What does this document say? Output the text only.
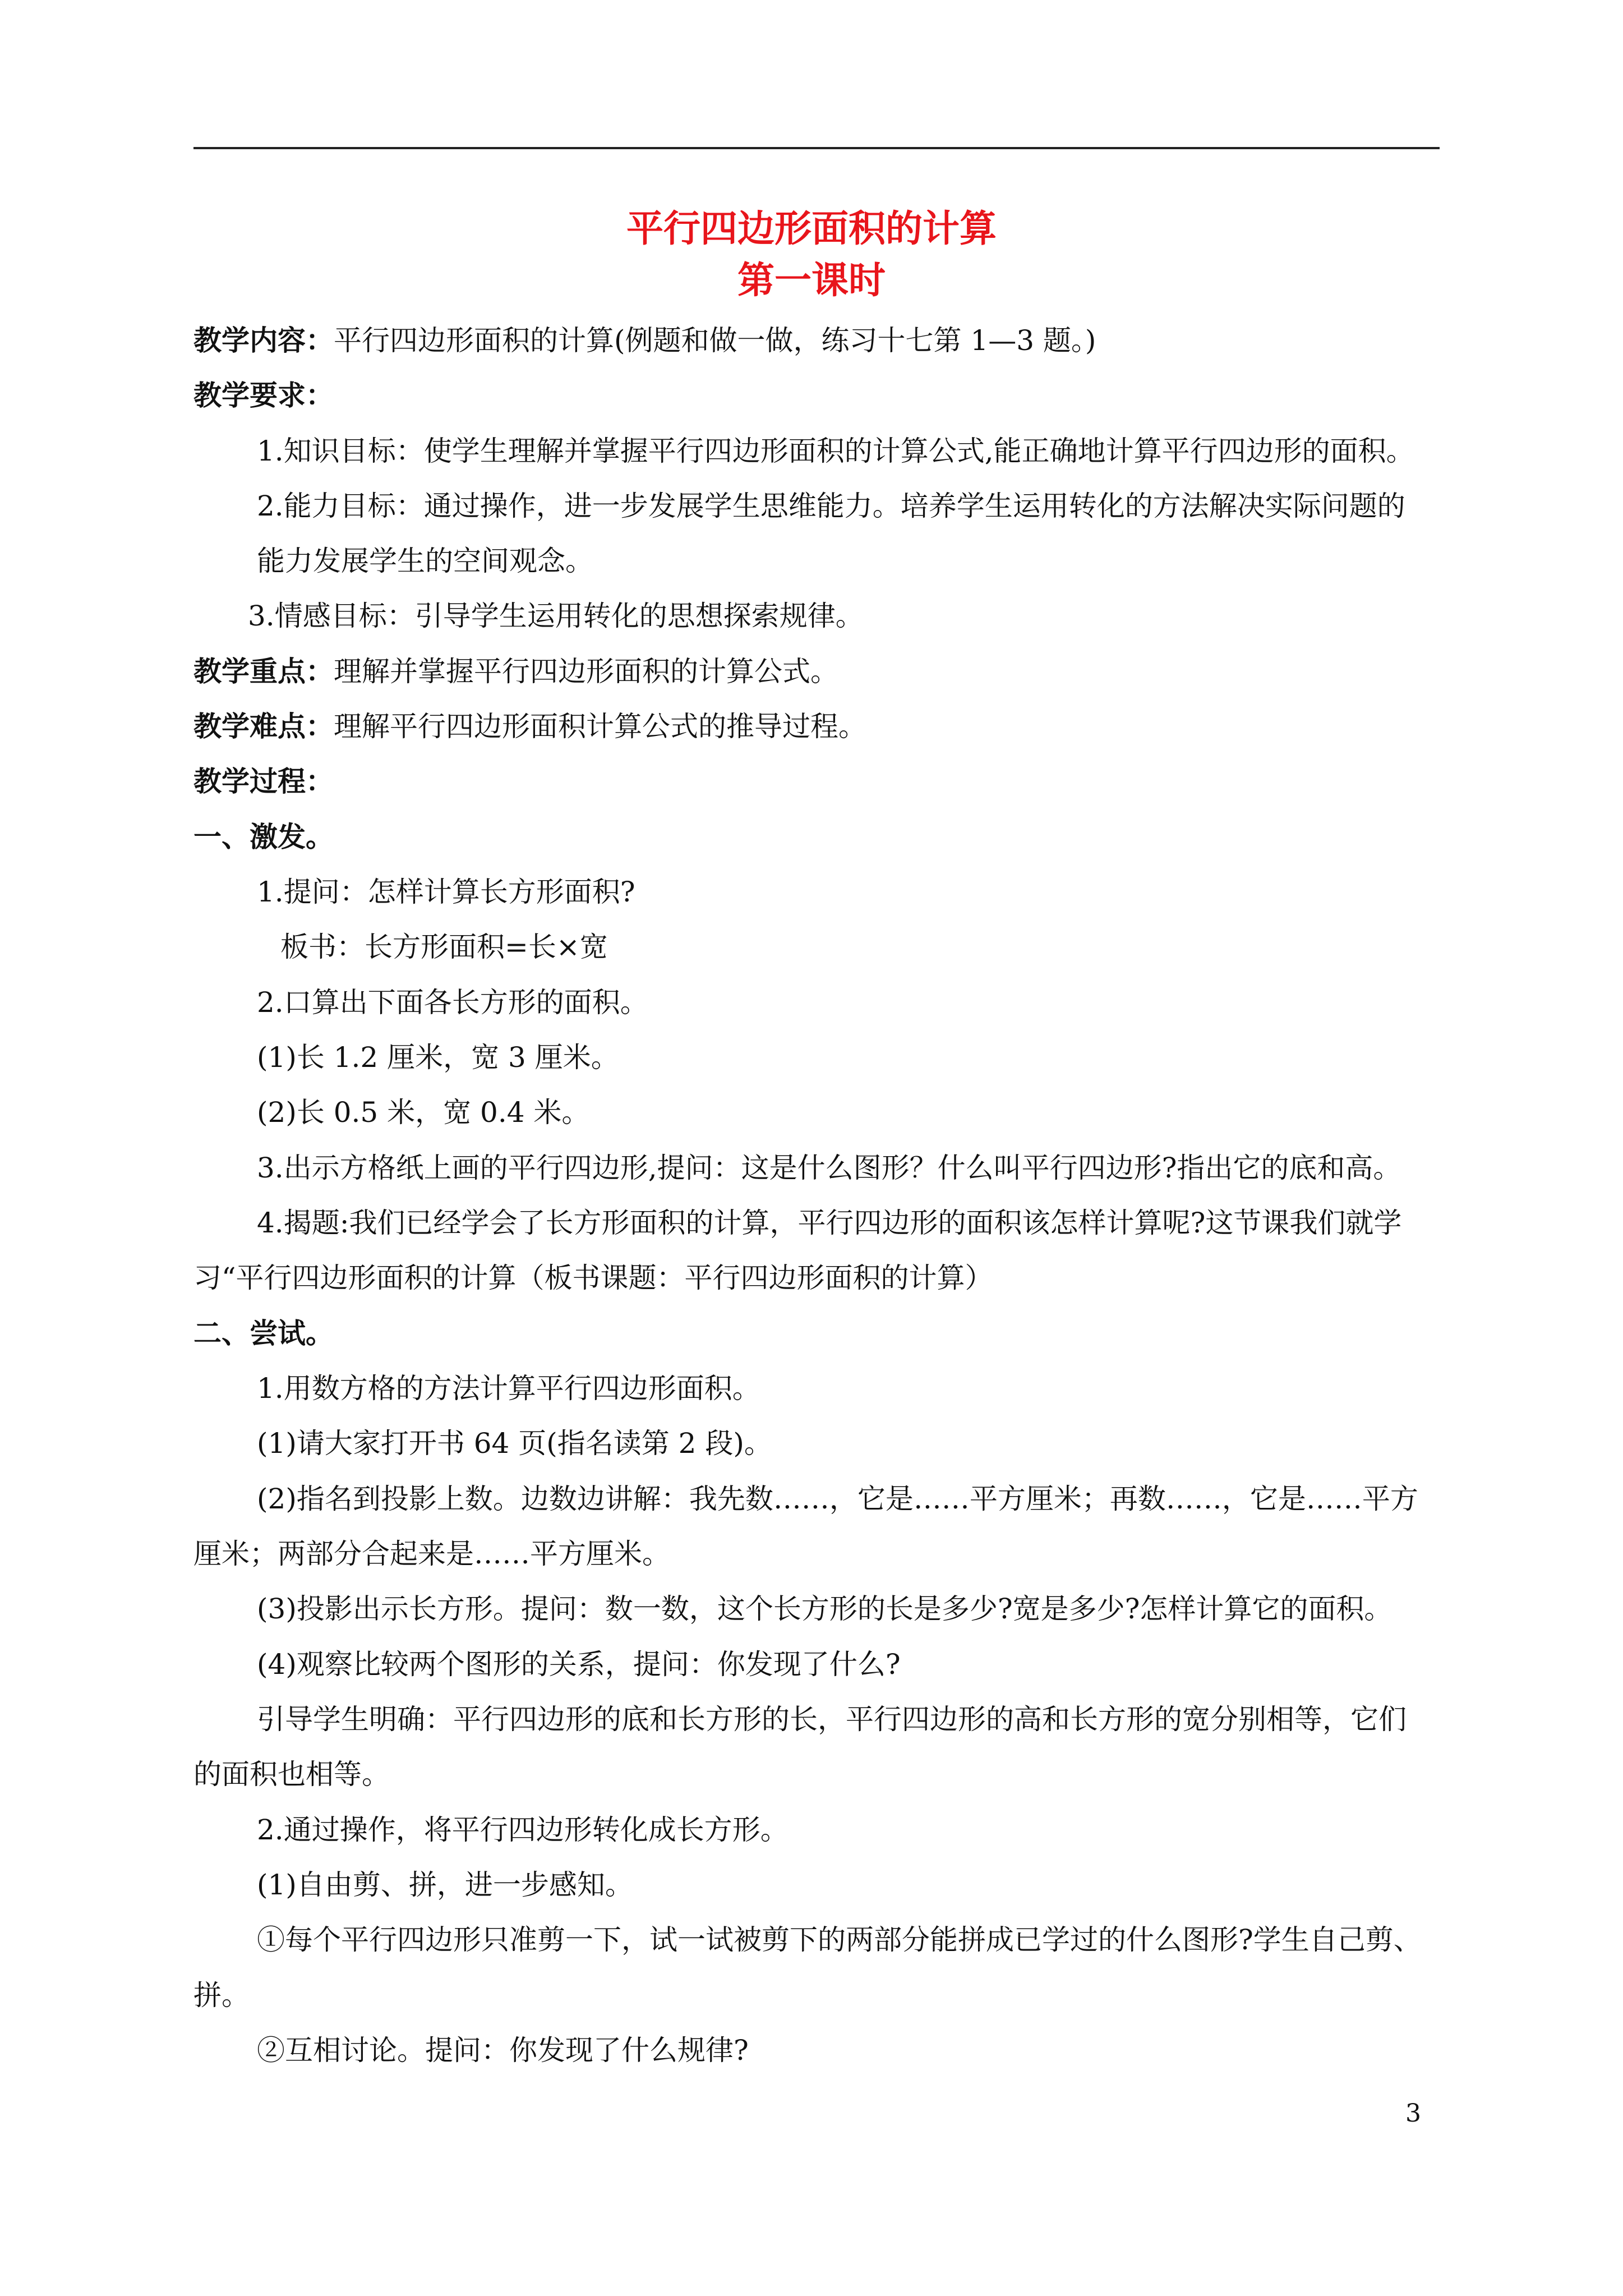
平行四边形面积的计算
第一课时
教学内容：平行四边形面积的计算(例题和做一做，练习十七第 1—3 题。)
教学要求：
1.知识目标：使学生理解并掌握平行四边形面积的计算公式,能正确地计算平行四边形的面积。
2.能力目标：通过操作，进一步发展学生思维能力。培养学生运用转化的方法解决实际问题的
能力发展学生的空间观念。
3.情感目标：引导学生运用转化的思想探索规律。
教学重点：理解并掌握平行四边形面积的计算公式。
教学难点：理解平行四边形面积计算公式的推导过程。
教学过程：
一、激发。
1.提问：怎样计算长方形面积?
板书：长方形面积=长×宽
2.口算出下面各长方形的面积。
(1)长 1.2 厘米，宽 3 厘米。
(2)长 0.5 米，宽 0.4 米。
3.出示方格纸上画的平行四边形,提问：这是什么图形？什么叫平行四边形?指出它的底和高。
4.揭题:我们已经学会了长方形面积的计算，平行四边形的面积该怎样计算呢?这节课我们就学
习“平行四边形面积的计算（板书课题：平行四边形面积的计算）
二、尝试。
1.用数方格的方法计算平行四边形面积。
(1)请大家打开书 64 页(指名读第 2 段)。
(2)指名到投影上数。边数边讲解：我先数……，它是……平方厘米；再数……，它是……平方
厘米；两部分合起来是……平方厘米。
(3)投影出示长方形。提问：数一数，这个长方形的长是多少?宽是多少?怎样计算它的面积。
(4)观察比较两个图形的关系，提问：你发现了什么?
引导学生明确：平行四边形的底和长方形的长，平行四边形的高和长方形的宽分别相等，它们
的面积也相等。
2.通过操作，将平行四边形转化成长方形。
(1)自由剪、拼，进一步感知。
①每个平行四边形只准剪一下，试一试被剪下的两部分能拼成已学过的什么图形?学生自己剪、
拼。
②互相讨论。提问：你发现了什么规律?
3
